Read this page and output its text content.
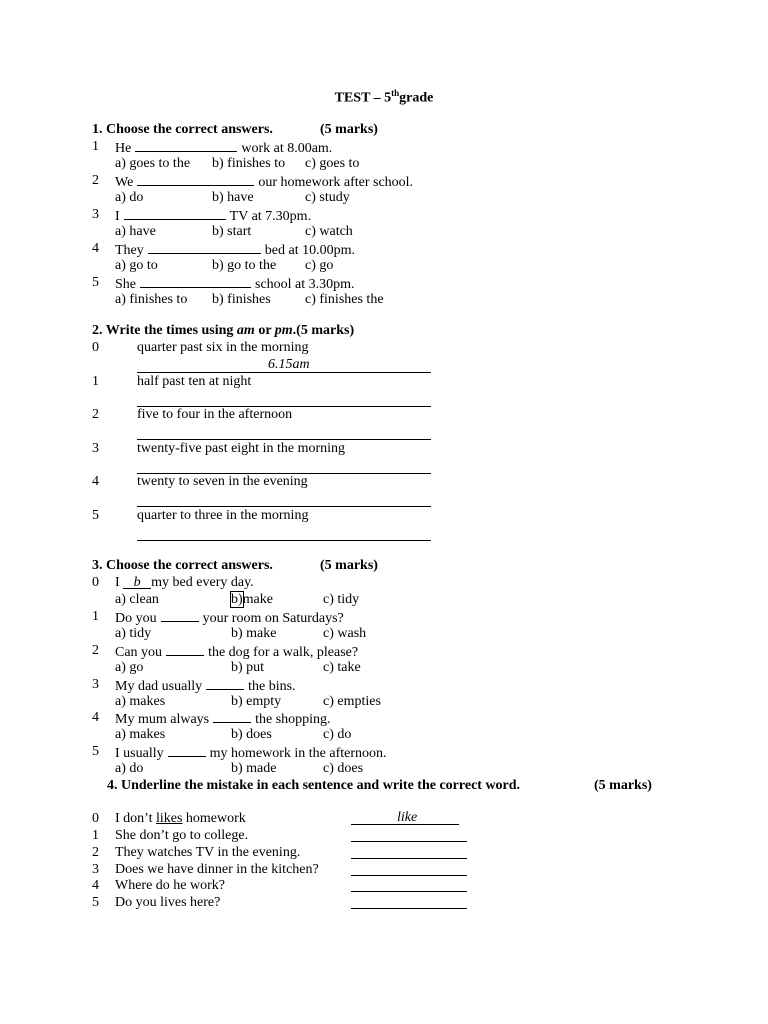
TEST – 5thgrade
1. Choose the correct answers.	(5 marks)
1 He	work at 8.00am.
a) goes to the b) finishes to c) goes to
2 We	our homework after school.
a) do	b) have	c) study
3 I	TV at 7.30pm.
a) have	b) start	c) watch
4 They	bed at 10.00pm.
a) go to	b) go to the c) go
5 She	school at 3.30pm.
a) finishes to b) finishes c) finishes the
2. Write the times using am or pm.(5 marks)
0	quarter past six in the morning
6.15am
1	half past ten at night
2	five to four in the afternoon
3	twenty-five past eight in the morning
4	twenty to seven in the evening
5	quarter to three in the morning
3. Choose the correct answers.	(5 marks)
0 I b my bed every day.
a) clean	b)make	c) tidy
1 Do you	your room on Saturdays?
a) tidy	b) make	c) wash
2 Can you	the dog for a walk, please?
a) go	b) put	c) take
3 My dad usually	the bins.
a) makes	b) empty	c) empties
4 My mum always	the shopping.
a) makes	b) does	c) do
5 I usually	my homework in the afternoon.
a) do	b) made	c) does
4. Underline the mistake in each sentence and write the correct word.	(5 marks)
0 I don’t likes homework	like
1 She don’t go to college.
2 They watches TV in the evening.
3 Does we have dinner in the kitchen?
4 Where do he work?
5 Do you lives here?
